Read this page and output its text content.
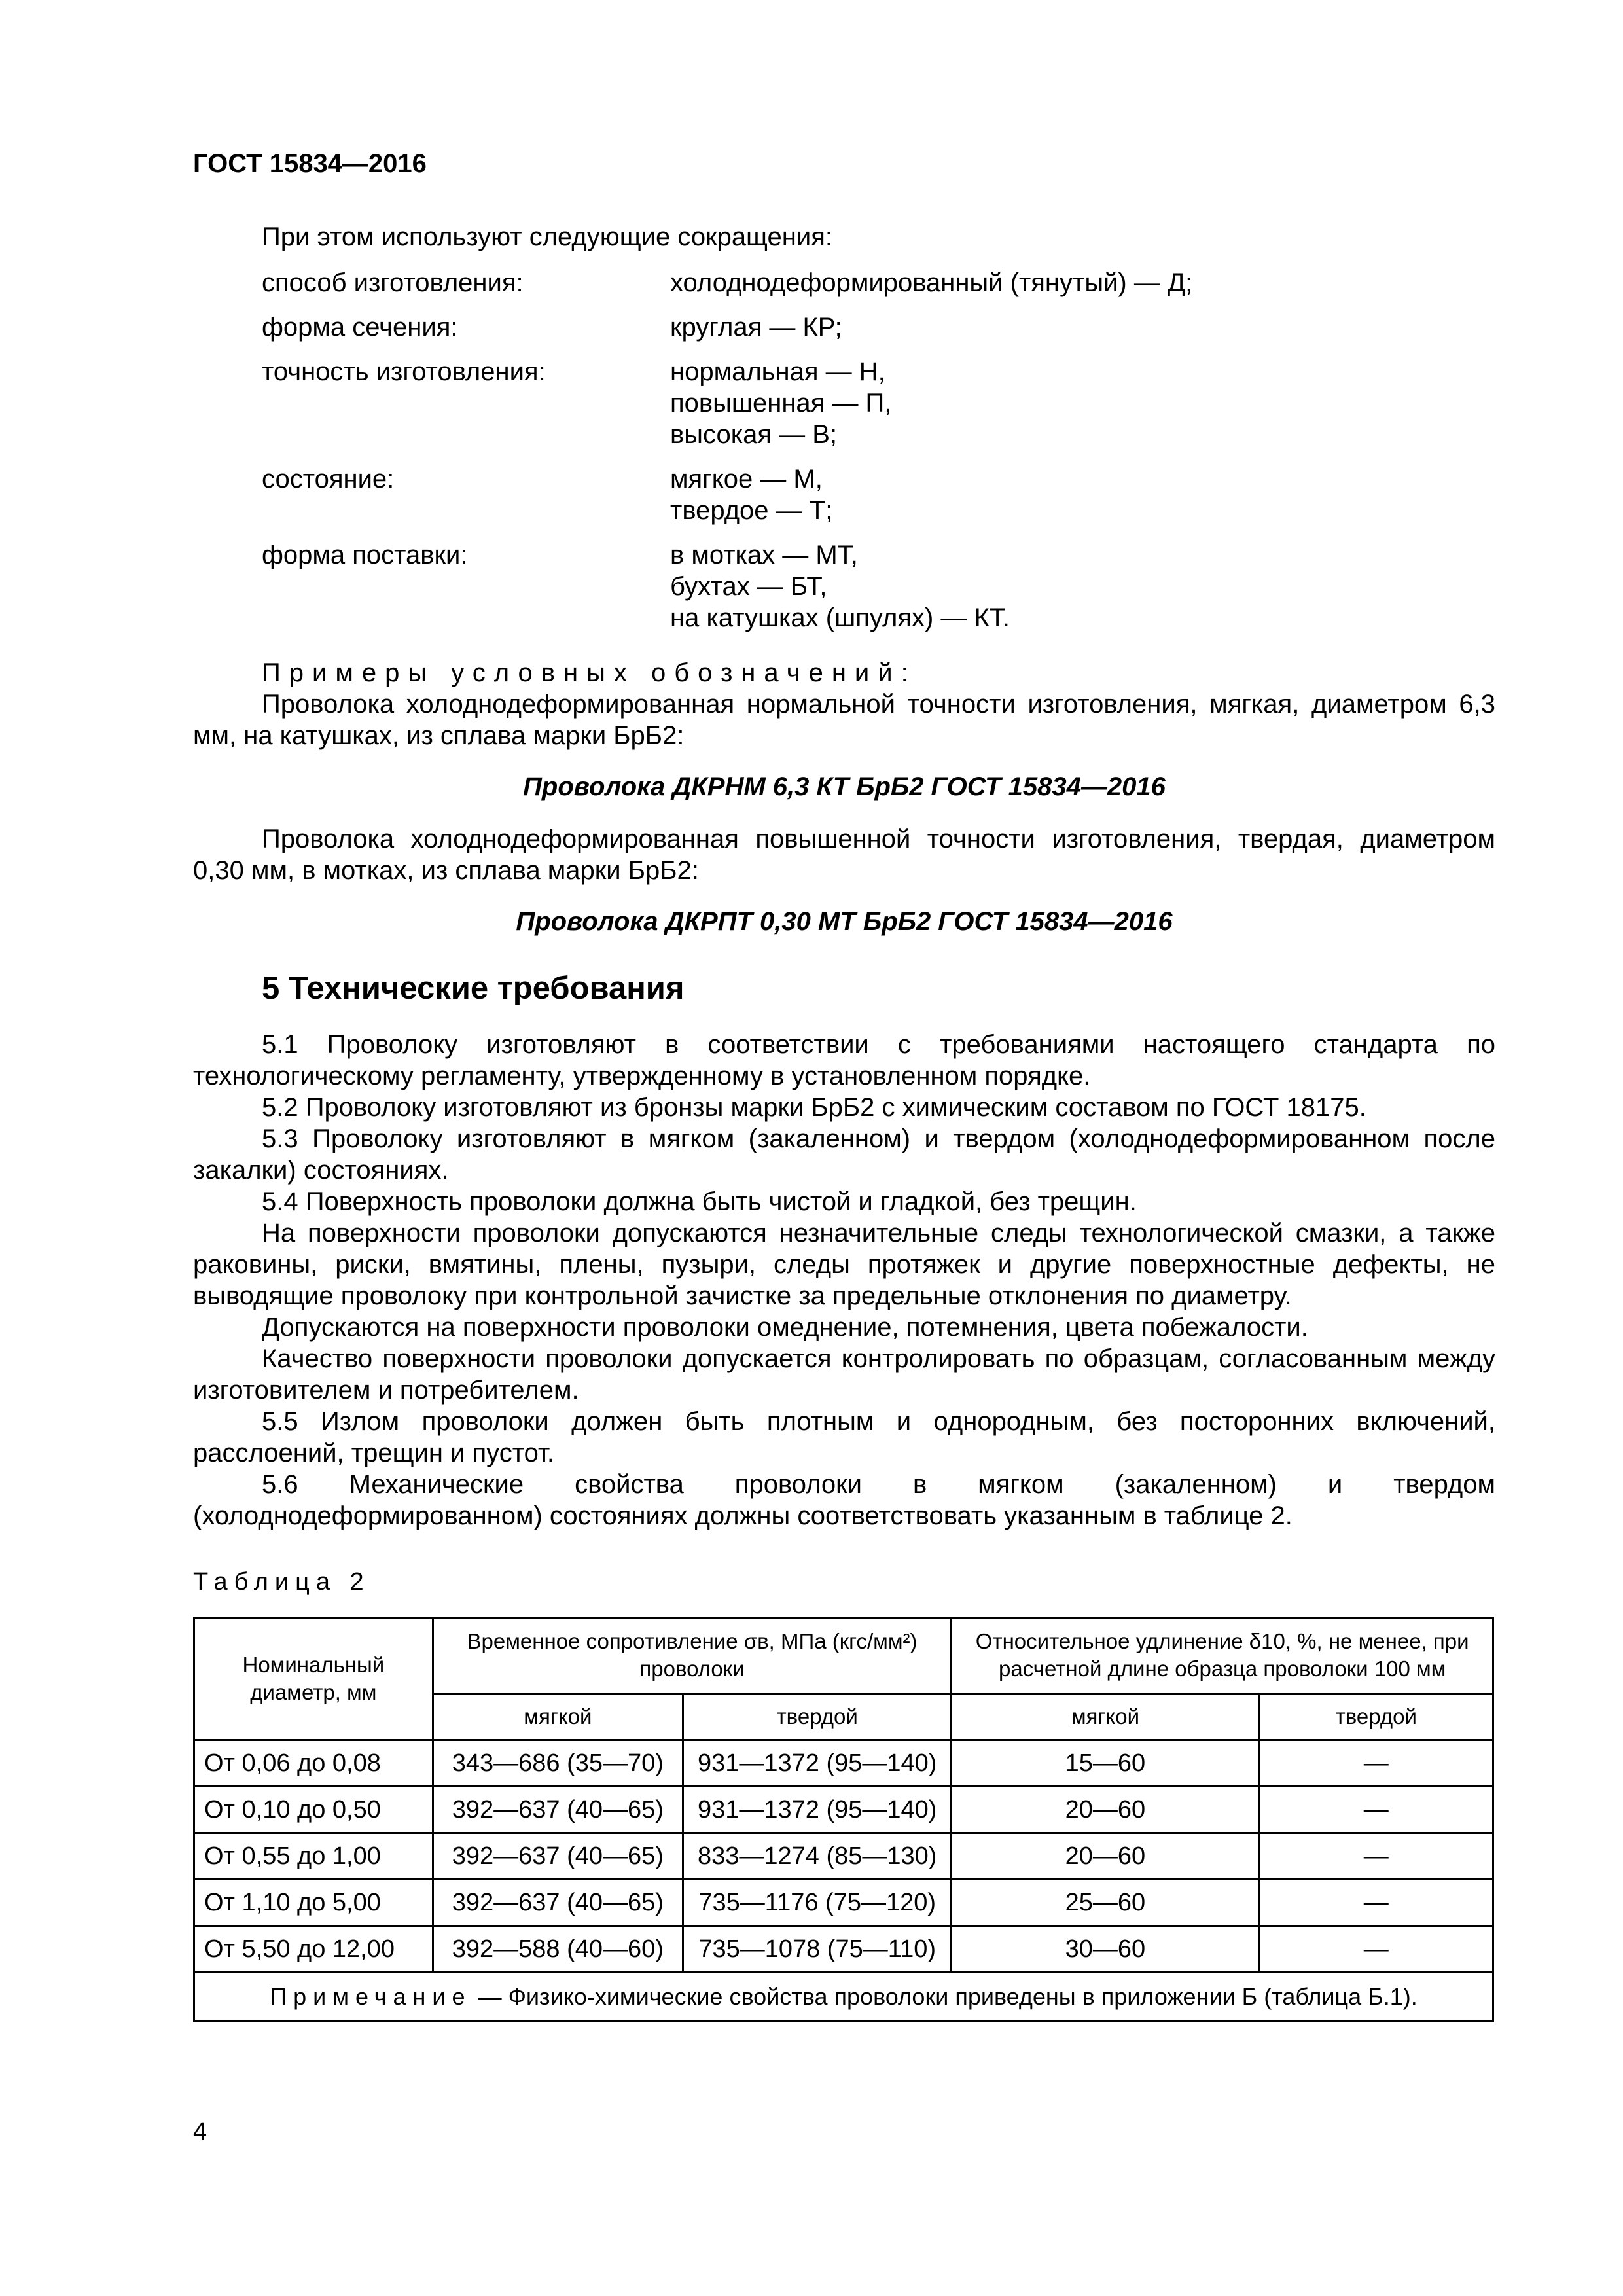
ГОСТ 15834—2016
При этом используют следующие сокращения:
способ изготовления:	холоднодеформированный (тянутый) — Д;
форма сечения:	круглая — КР;
точность изготовления:	нормальная — Н,
повышенная — П,
высокая — В;
состояние:	мягкое — М,
твердое — Т;
форма поставки:	в мотках — МТ,
бухтах — БТ,
на катушках (шпулях) — КТ.
Примеры условных обозначений:
Проволока холоднодеформированная нормальной точности изготовления, мягкая, диаметром 6,3 мм, на катушках, из сплава марки БрБ2:
Проволока ДКРНМ 6,3 КТ БрБ2 ГОСТ 15834—2016
Проволока холоднодеформированная повышенной точности изготовления, твердая, диаметром 0,30 мм, в мотках, из сплава марки БрБ2:
Проволока ДКРПТ 0,30 МТ БрБ2 ГОСТ 15834—2016
5 Технические требования

5.1 Проволоку изготовляют в соответствии с требованиями настоящего стандарта по технологическому регламенту, утвержденному в установленном порядке.

5.2 Проволоку изготовляют из бронзы марки БрБ2 с химическим составом по ГОСТ 18175.

5.3 Проволоку изготовляют в мягком (закаленном) и твердом (холоднодеформированном после закалки) состояниях.

5.4 Поверхность проволоки должна быть чистой и гладкой, без трещин.

На поверхности проволоки допускаются незначительные следы технологической смазки, а также раковины, риски, вмятины, плены, пузыри, следы протяжек и другие поверхностные дефекты, не выводящие проволоку при контрольной зачистке за предельные отклонения по диаметру.

Допускаются на поверхности проволоки омеднение, потемнения, цвета побежалости.

Качество поверхности проволоки допускается контролировать по образцам, согласованным между изготовителем и потребителем.

5.5 Излом проволоки должен быть плотным и однородным, без посторонних включений, расслоений, трещин и пустот.

5.6 Механические свойства проволоки в мягком (закаленном) и твердом (холоднодеформированном) состояниях должны соответствовать указанным в таблице 2.

Таблица 2
Номинальный диаметр, мм	Временное сопротивление σв, МПа (кгс/мм²) проволоки		Относительное удлинение δ10, %, не менее, при расчетной длине образца проволоки 100 мм	
	мягкой	твердой	мягкой	твердой
От 0,06 до 0,08	343—686 (35—70)	931—1372 (95—140)	15—60	—
От 0,10 до 0,50	392—637 (40—65)	931—1372 (95—140)	20—60	—
От 0,55 до 1,00	392—637 (40—65)	833—1274 (85—130)	20—60	—
От 1,10 до 5,00	392—637 (40—65)	735—1176 (75—120)	25—60	—
От 5,50 до 12,00	392—588 (40—60)	735—1078 (75—110)	30—60	—
Примечание — Физико-химические свойства проволоки приведены в приложении Б (таблица Б.1).				
4
